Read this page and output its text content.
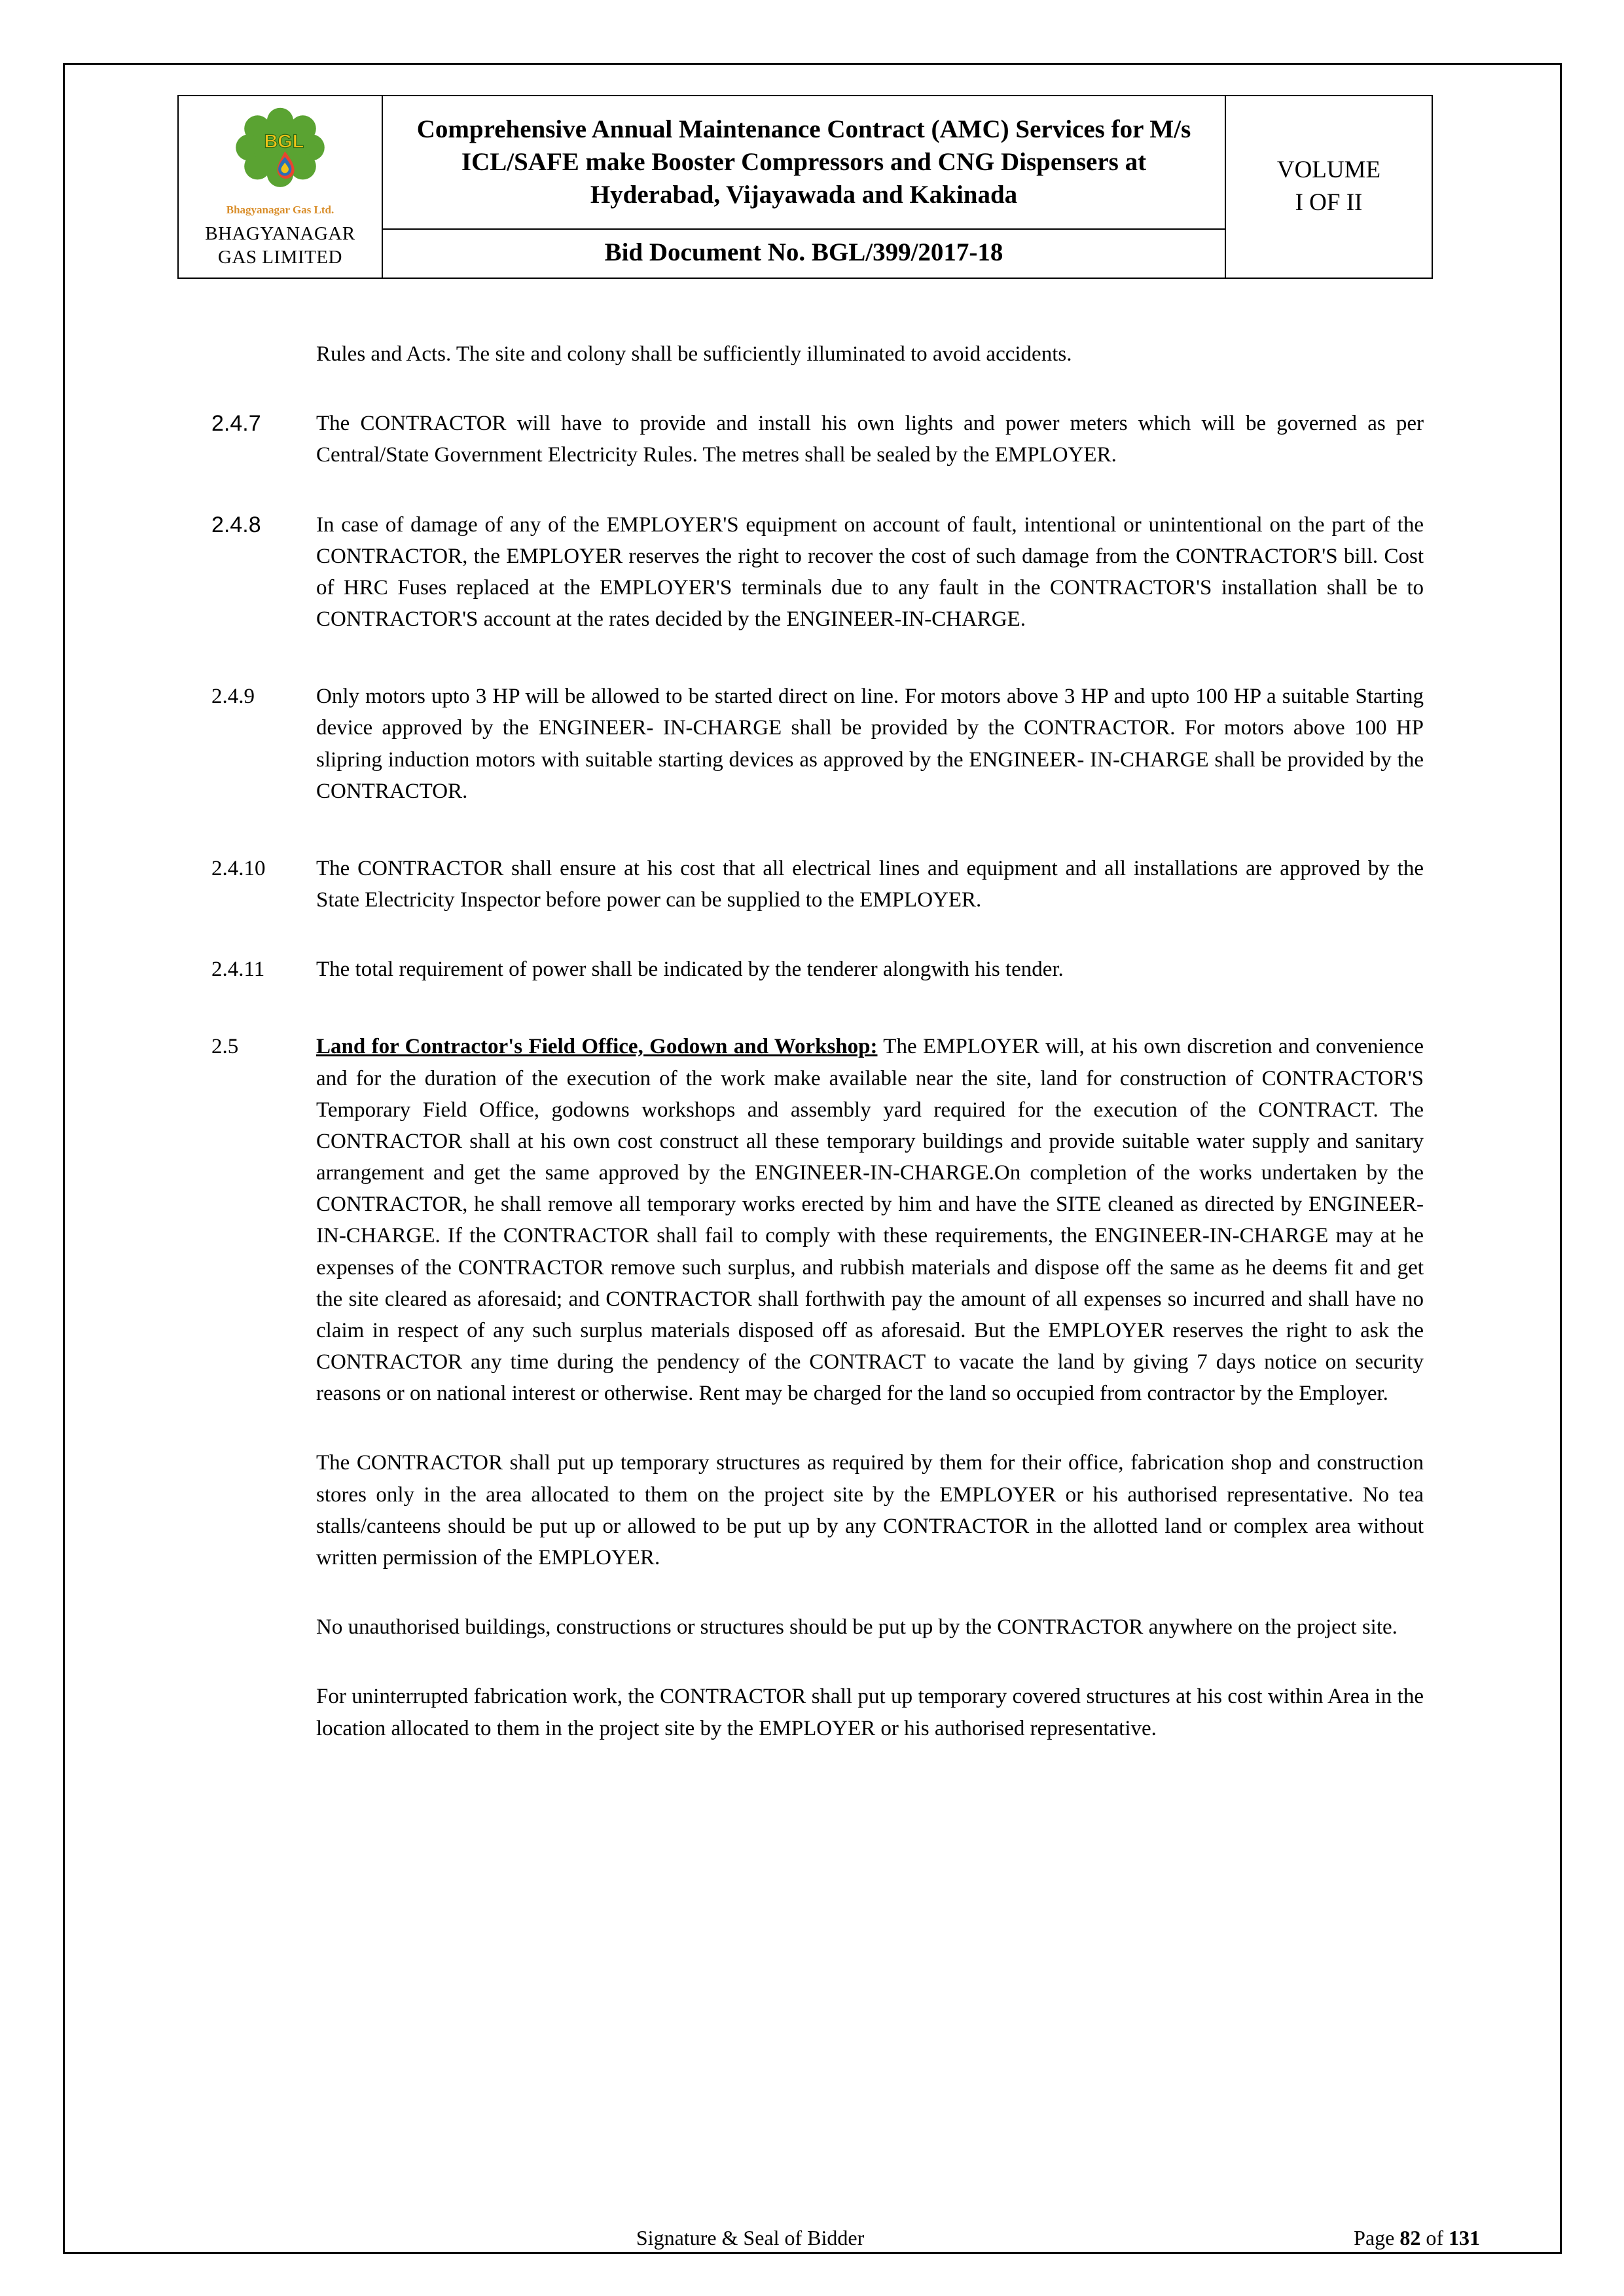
BGL
Bhagyanagar Gas Ltd.
BHAGYANAGAR
GAS LIMITED

Comprehensive Annual Maintenance Contract (AMC) Services for M/s ICL/SAFE make Booster Compressors and CNG Dispensers at Hyderabad, Vijayawada and Kakinada

VOLUME
I OF II

Bid Document No. BGL/399/2017-18

Rules and Acts. The site and colony shall be sufficiently illuminated to avoid accidents.

2.4.7	The CONTRACTOR will have to provide and install his own lights and power meters which will be governed as per Central/State Government Electricity Rules. The metres shall be sealed by the EMPLOYER.
2.4.8	In case of damage of any of the EMPLOYER'S equipment on account of fault, intentional or unintentional on the part of the CONTRACTOR, the EMPLOYER reserves the right to recover the cost of such damage from the CONTRACTOR'S bill. Cost of HRC Fuses replaced at the EMPLOYER'S terminals due to any fault in the CONTRACTOR'S installation shall be to CONTRACTOR'S account at the rates decided by the ENGINEER-IN-CHARGE.
2.4.9	Only motors upto 3 HP will be allowed to be started direct on line. For motors above 3 HP and upto 100 HP a suitable Starting device approved by the ENGINEER- IN-CHARGE shall be provided by the CONTRACTOR. For motors above 100 HP slipring induction motors with suitable starting devices as approved by the ENGINEER- IN-CHARGE shall be provided by the CONTRACTOR.
2.4.10	The CONTRACTOR shall ensure at his cost that all electrical lines and equipment and all installations are approved by the State Electricity Inspector before power can be supplied to the EMPLOYER.
2.4.11	The total requirement of power shall be indicated by the tenderer alongwith his tender.
2.5	Land for Contractor's Field Office, Godown and Workshop: The EMPLOYER will, at his own discretion and convenience and for the duration of the execution of the work make available near the site, land for construction of CONTRACTOR'S Temporary Field Office, godowns workshops and assembly yard required for the execution of the CONTRACT. The CONTRACTOR shall at his own cost construct all these temporary buildings and provide suitable water supply and sanitary arrangement and get the same approved by the ENGINEER-IN-CHARGE.On completion of the works undertaken by the CONTRACTOR, he shall remove all temporary works erected by him and have the SITE cleaned as directed by ENGINEER-IN-CHARGE. If the CONTRACTOR shall fail to comply with these requirements, the ENGINEER-IN-CHARGE may at he expenses of the CONTRACTOR remove such surplus, and rubbish materials and dispose off the same as he deems fit and get the site cleared as aforesaid; and CONTRACTOR shall forthwith pay the amount of all expenses so incurred and shall have no claim in respect of any such surplus materials disposed off as aforesaid. But the EMPLOYER reserves the right to ask the CONTRACTOR any time during the pendency of the CONTRACT to vacate the land by giving 7 days notice on security reasons or on national interest or otherwise. Rent may be charged for the land so occupied from contractor by the Employer.

The CONTRACTOR shall put up temporary structures as required by them for their office, fabrication shop and construction stores only in the area allocated to them on the project site by the EMPLOYER or his authorised representative. No tea stalls/canteens should be put up or allowed to be put up by any CONTRACTOR in the allotted land or complex area without written permission of the EMPLOYER.

No unauthorised buildings, constructions or structures should be put up by the CONTRACTOR anywhere on the project site.

For uninterrupted fabrication work, the CONTRACTOR shall put up temporary covered structures at his cost within Area in the location allocated to them in the project site by the EMPLOYER or his authorised representative.

Signature & Seal of Bidder	Page 82 of 131
